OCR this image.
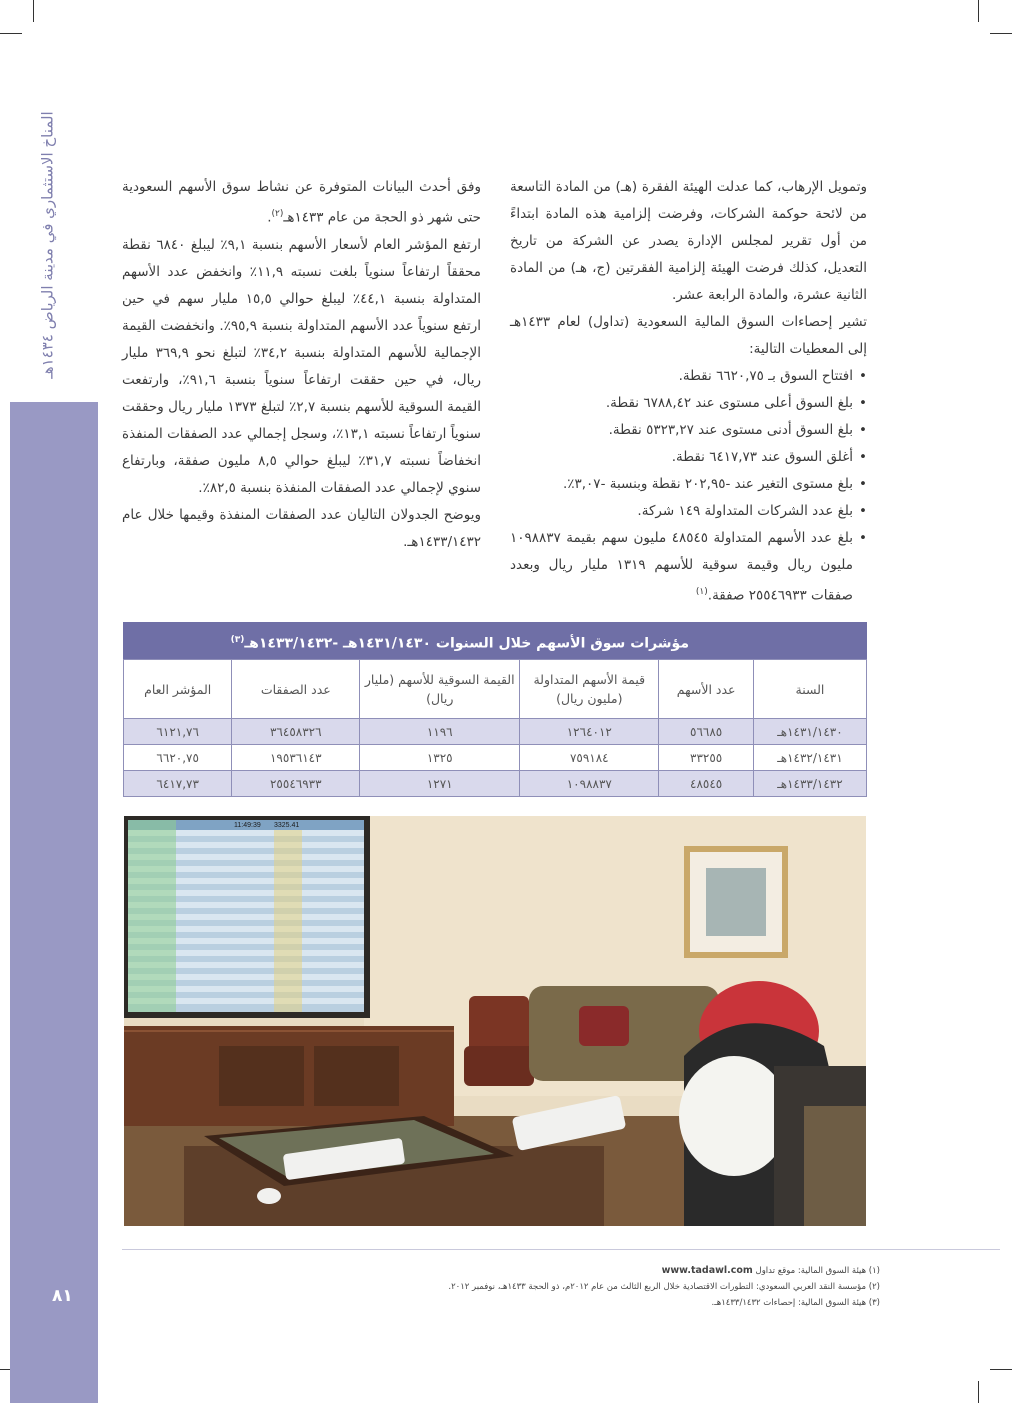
المناخ الاستثماري في مدينة الرياض ١٤٣٤هـ
٨١

وتمويل الإرهاب، كما عدلت الهيئة الفقرة (هـ) من المادة التاسعة من لائحة حوكمة الشركات، وفرضت إلزامية هذه المادة ابتداءً من أول تقرير لمجلس الإدارة يصدر عن الشركة من تاريخ التعديل، كذلك فرضت الهيئة إلزامية الفقرتين (ج، هـ) من المادة الثانية عشرة، والمادة الرابعة عشر.

تشير إحصاءات السوق المالية السعودية (تداول) لعام ١٤٣٣هـ إلى المعطيات التالية:

• افتتاح السوق بـ ٦٦٢٠,٧٥ نقطة.
• بلغ السوق أعلى مستوى عند ٦٧٨٨,٤٢ نقطة.
• بلغ السوق أدنى مستوى عند ٥٣٢٣,٢٧ نقطة.
• أغلق السوق عند ٦٤١٧,٧٣ نقطة.
• بلغ مستوى التغير عند -٢٠٢,٩٥ نقطة وبنسبة -٣,٠٧٪.
• بلغ عدد الشركات المتداولة ١٤٩ شركة.
• بلغ عدد الأسهم المتداولة ٤٨٥٤٥ مليون سهم بقيمة ١٠٩٨٨٣٧ مليون ريال وقيمة سوقية للأسهم ١٣١٩ مليار ريال وبعدد صفقات ٢٥٥٤٦٩٣٣ صفقة.$^{(١)}$

وفق أحدث البيانات المتوفرة عن نشاط سوق الأسهم السعودية حتى شهر ذو الحجة من عام ١٤٣٣هـ$^{(٢)}$.

ارتفع المؤشر العام لأسعار الأسهم بنسبة ٩,١٪ ليبلغ ٦٨٤٠ نقطة محققاً ارتفاعاً سنوياً بلغت نسبته ١١,٩٪ وانخفض عدد الأسهم المتداولة بنسبة ٤٤,١٪ ليبلغ حوالي ١٥,٥ مليار سهم في حين ارتفع سنوياً عدد الأسهم المتداولة بنسبة ٩٥,٩٪. وانخفضت القيمة الإجمالية للأسهم المتداولة بنسبة ٣٤,٢٪ لتبلغ نحو ٣٦٩,٩ مليار ريال، في حين حققت ارتفاعاً سنوياً بنسبة ٩١,٦٪، وارتفعت القيمة السوقية للأسهم بنسبة ٢,٧٪ لتبلغ ١٣٧٣ مليار ريال وحققت سنوياً ارتفاعاً نسبته ١٣,١٪، وسجل إجمالي عدد الصفقات المنفذة انخفاضاً نسبته ٣١,٧٪ ليبلغ حوالي ٨,٥ مليون صفقة، وبارتفاع سنوي لإجمالي عدد الصفقات المنفذة بنسبة ٨٢,٥٪.

ويوضح الجدولان التاليان عدد الصفقات المنفذة وقيمها خلال عام ١٤٣٣/١٤٣٢هـ.

مؤشرات سوق الأسهم خلال السنوات ١٤٣١/١٤٣٠هـ -١٤٣٣/١٤٣٢هـ$^{(٣)}$
السنة	عدد الأسهم	قيمة الأسهم المتداولة (مليون ريال)	القيمة السوقية للأسهم (مليار ريال)	عدد الصفقات	المؤشر العام
١٤٣١/١٤٣٠هـ	٥٦٦٨٥	١٢٦٤٠١٢	١١٩٦	٣٦٤٥٨٣٢٦	٦١٢١,٧٦
١٤٣٢/١٤٣١هـ	٣٣٢٥٥	٧٥٩١٨٤	١٣٢٥	١٩٥٣٦١٤٣	٦٦٢٠,٧٥
١٤٣٣/١٤٣٢هـ	٤٨٥٤٥	١٠٩٨٨٣٧	١٢٧١	٢٥٥٤٦٩٣٣	٦٤١٧,٧٣
11:49:39 3325.41

(١) هيئة السوق المالية: موقع تداول www.tadawl.com

(٢) مؤسسة النقد العربي السعودي: التطورات الاقتصادية خلال الربع الثالث من عام ٢٠١٢م، ذو الحجة ١٤٣٣هـ، نوفمبر ٢٠١٢.

(٣) هيئة السوق المالية: إحصاءات ١٤٣٣/١٤٣٢هـ.
